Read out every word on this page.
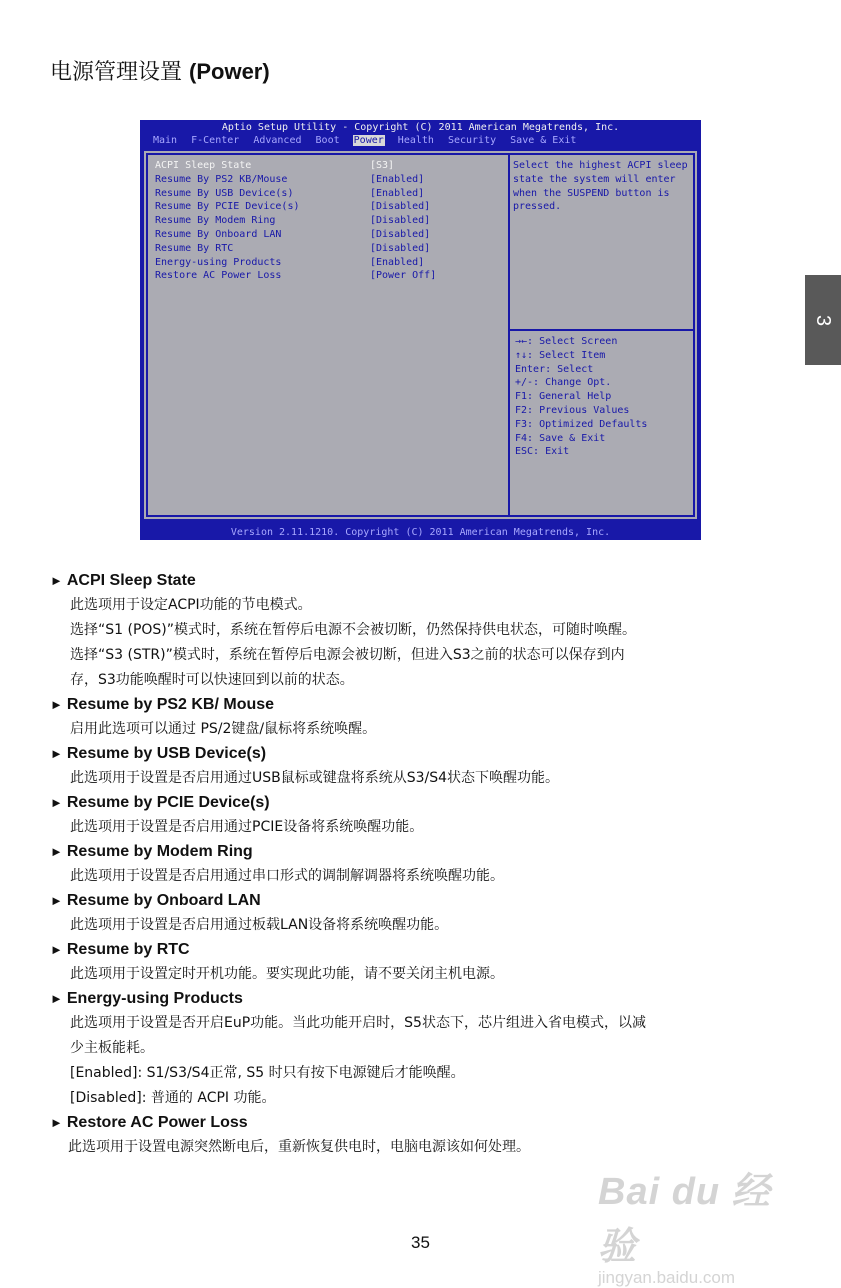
电源管理设置 (Power)
Aptio Setup Utility - Copyright (C) 2011 American Megatrends, Inc.
Main F-Center Advanced Boot Power Health Security Save & Exit
ACPI Sleep State	[S3]
Resume By PS2 KB/Mouse	[Enabled]
Resume By USB Device(s)	[Enabled]
Resume By PCIE Device(s)	[Disabled]
Resume By Modem Ring	[Disabled]
Resume By Onboard LAN	[Disabled]
Resume By RTC	[Disabled]
Energy-using Products	[Enabled]
Restore AC Power Loss	[Power Off]
Select the highest ACPI sleep state the system will enter when the SUSPEND button is pressed.
→←: Select Screen
↑↓: Select Item
Enter: Select
+/-: Change Opt.
F1: General Help
F2: Previous Values
F3: Optimized Defaults
F4: Save & Exit
ESC: Exit
Version 2.11.1210. Copyright (C) 2011 American Megatrends, Inc.
3
► ACPI Sleep State
此选项用于设定ACPI功能的节电模式。
选择“S1 (POS)”模式时，系统在暂停后电源不会被切断，仍然保持供电状态，可随时唤醒。
选择“S3 (STR)”模式时，系统在暂停后电源会被切断，但进入S3之前的状态可以保存到内
存，S3功能唤醒时可以快速回到以前的状态。
► Resume by PS2 KB/ Mouse
启用此选项可以通过 PS/2键盘/鼠标将系统唤醒。
► Resume by USB Device(s)
此选项用于设置是否启用通过USB鼠标或键盘将系统从S3/S4状态下唤醒功能。
► Resume by PCIE Device(s)
此选项用于设置是否启用通过PCIE设备将系统唤醒功能。
► Resume by Modem Ring
此选项用于设置是否启用通过串口形式的调制解调器将系统唤醒功能。
► Resume by Onboard LAN
此选项用于设置是否启用通过板载LAN设备将系统唤醒功能。
► Resume by RTC
此选项用于设置定时开机功能。要实现此功能，请不要关闭主机电源。
► Energy-using Products
此选项用于设置是否开启EuP功能。当此功能开启时，S5状态下，芯片组进入省电模式，以减
少主板能耗。
[Enabled]: S1/S3/S4正常, S5 时只有按下电源键后才能唤醒。
[Disabled]: 普通的 ACPI 功能。
► Restore AC Power Loss
此选项用于设置电源突然断电后，重新恢复供电时，电脑电源该如何处理。
Bai du 经验
jingyan.baidu.com
35
